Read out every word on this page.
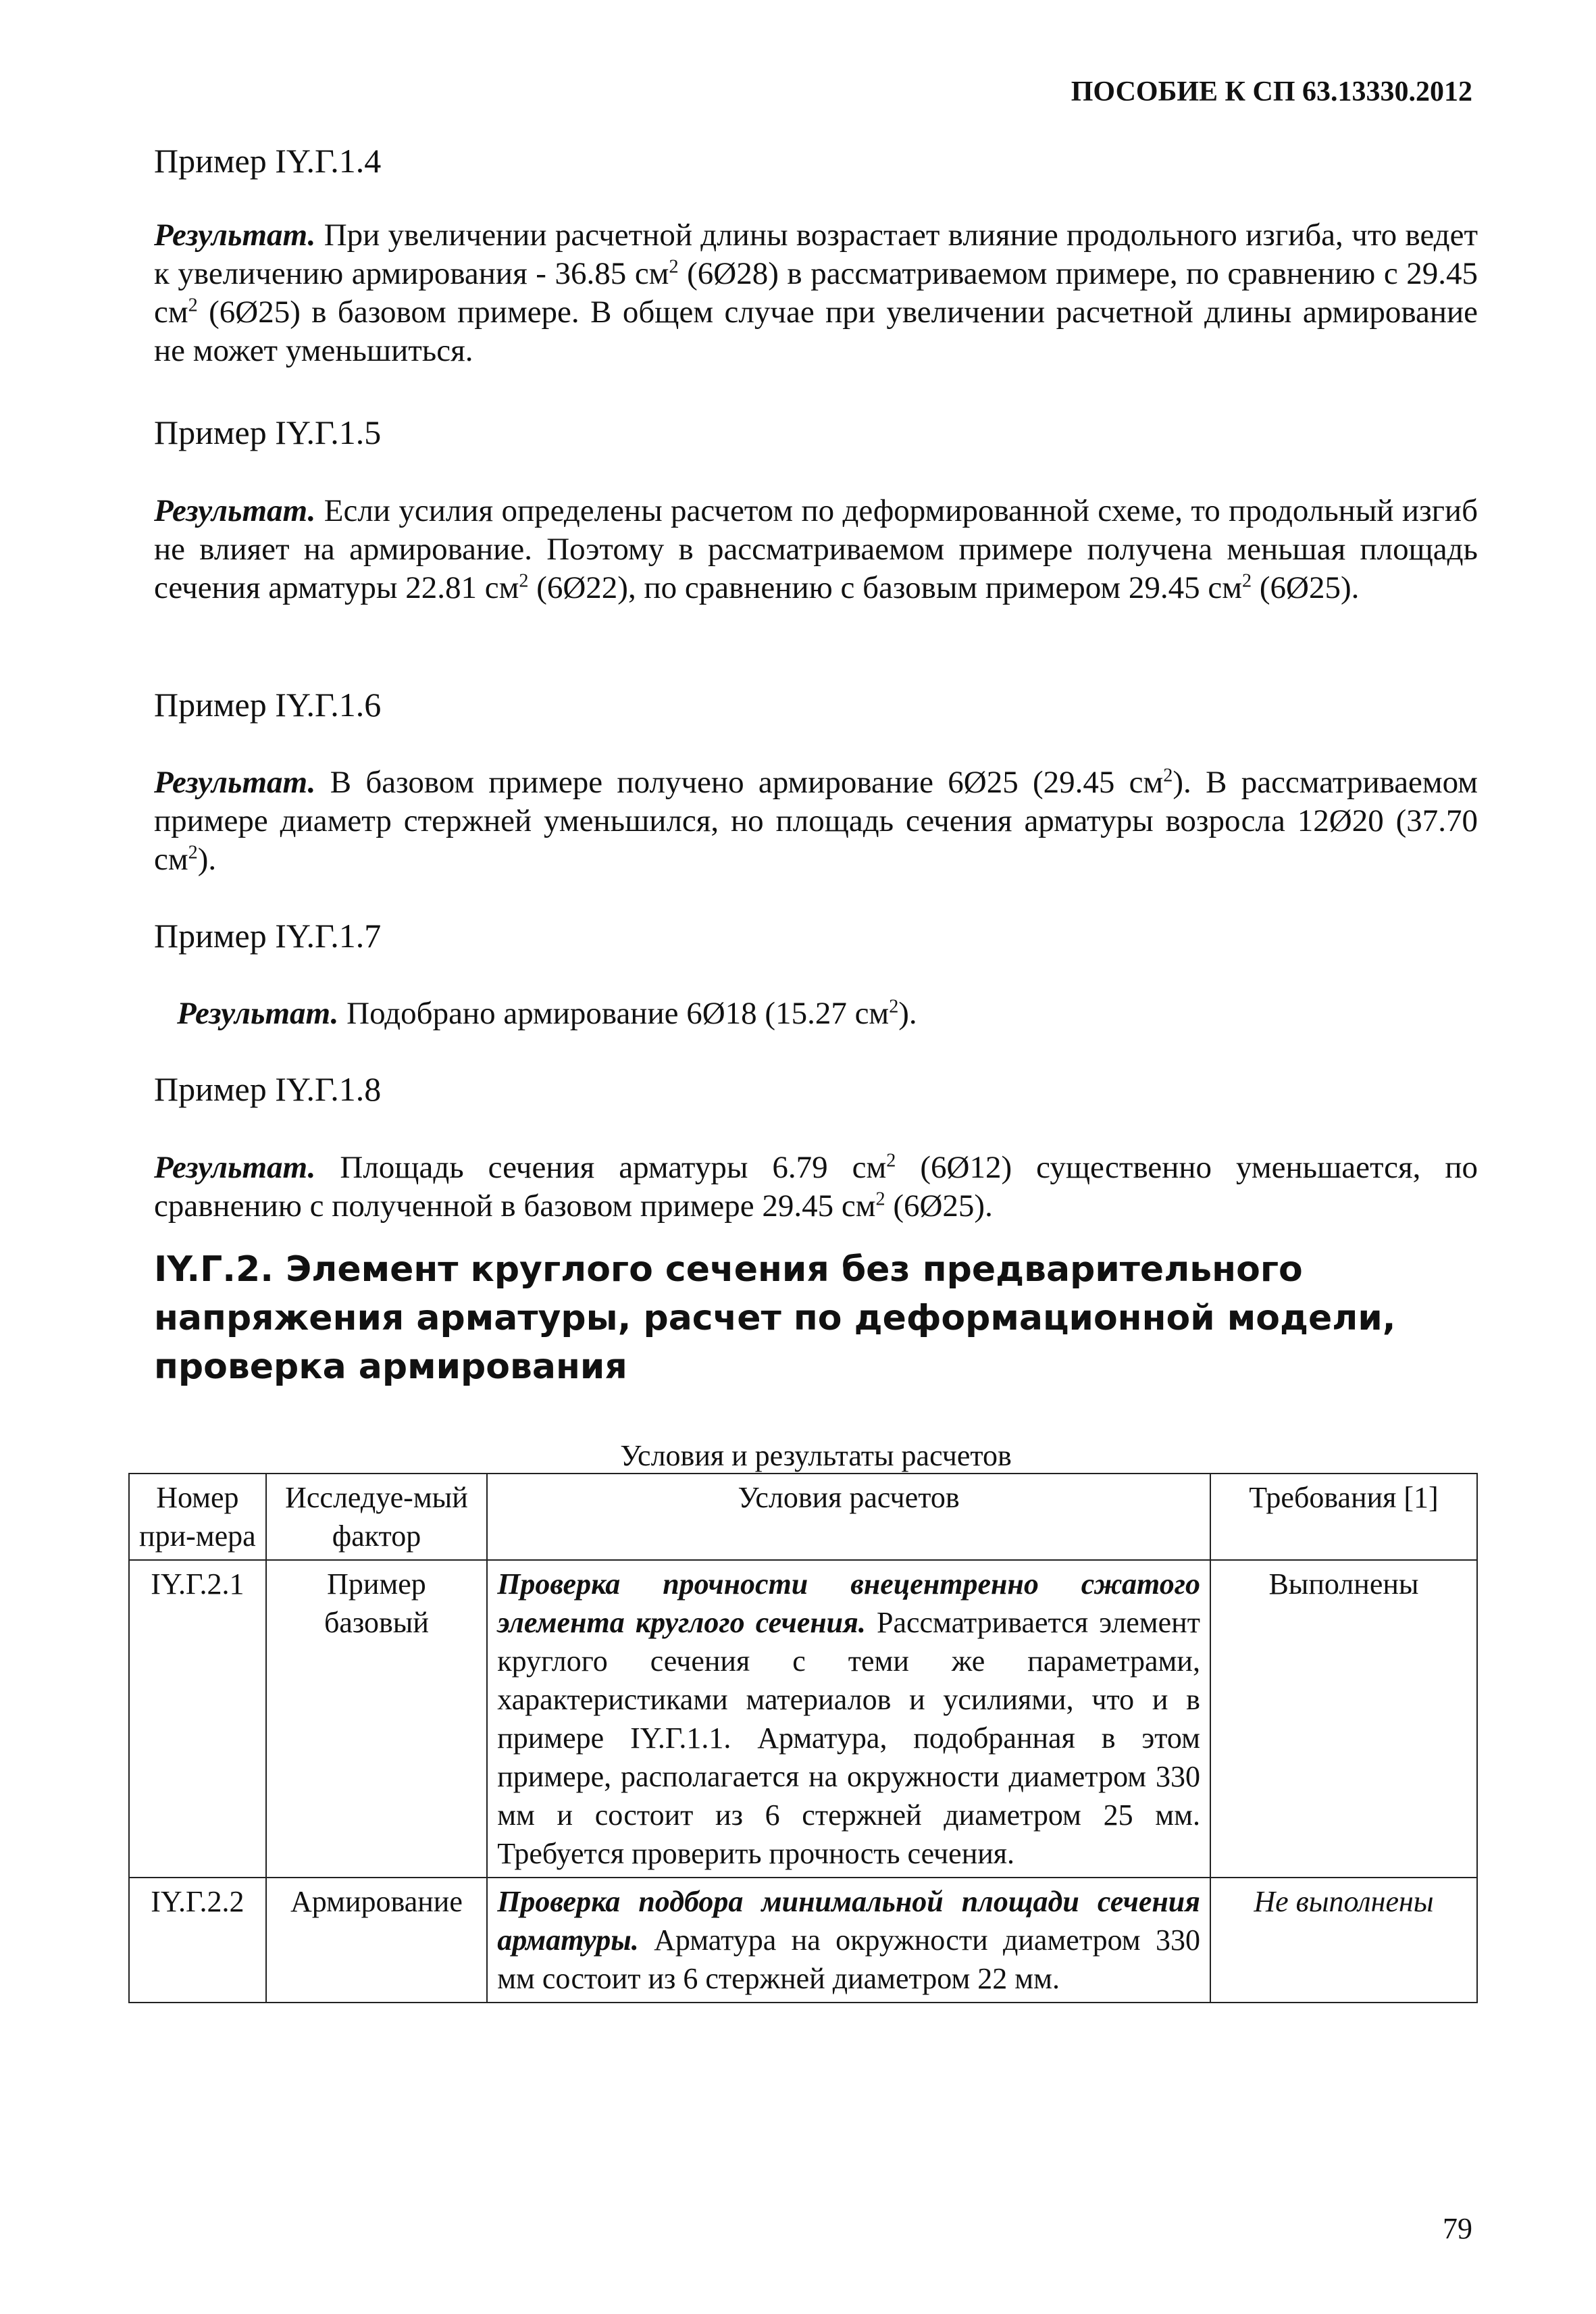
ПОСОБИЕ К СП 63.13330.2012
Пример IY.Г.1.4
Результат. При увеличении расчетной длины возрастает влияние продольного изгиба, что ведет к увеличению армирования - 36.85 $см^2$ (6Ø28) в рассматриваемом примере, по сравнению с 29.45 $см^2$ (6Ø25) в базовом примере. В общем случае при увеличении расчетной длины армирование не может уменьшиться.
Пример IY.Г.1.5
Результат. Если усилия определены расчетом по деформированной схеме, то продольный изгиб не влияет на армирование. Поэтому в рассматриваемом примере получена меньшая площадь сечения арматуры 22.81 $см^2$ (6Ø22), по сравнению с базовым примером 29.45 $см^2$ (6Ø25).
Пример IY.Г.1.6
Результат. В базовом примере получено армирование 6Ø25 (29.45 $см^2$). В рассматриваемом примере диаметр стержней уменьшился, но площадь сечения арматуры возросла 12Ø20 (37.70 $см^2$).
Пример IY.Г.1.7
Результат. Подобрано армирование 6Ø18 (15.27 $см^2$).
Пример IY.Г.1.8
Результат. Площадь сечения арматуры 6.79 $см^2$ (6Ø12) существенно уменьшается, по сравнению с полученной в базовом примере 29.45 $см^2$ (6Ø25).
IY.Г.2. Элемент круглого сечения без предварительного напряжения арматуры, расчет по деформационной модели, проверка армирования
Условия и результаты расчетов
Номер при-мера	Исследуе-мый фактор	Условия расчетов	Требования [1]
IY.Г.2.1	Пример базовый	Проверка прочности внецентренно сжатого элемента круглого сечения. Рассматривается элемент круглого сечения с теми же параметрами, характеристиками материалов и усилиями, что и в примере IY.Г.1.1. Арматура, подобранная в этом примере, располагается на окружности диаметром 330 мм и состоит из 6 стержней диаметром 25 мм. Требуется проверить прочность сечения.	Выполнены
IY.Г.2.2	Армирование	Проверка подбора минимальной площади сечения арматуры. Арматура на окружности диаметром 330 мм состоит из 6 стержней диаметром 22 мм.	Не выполнены
79
